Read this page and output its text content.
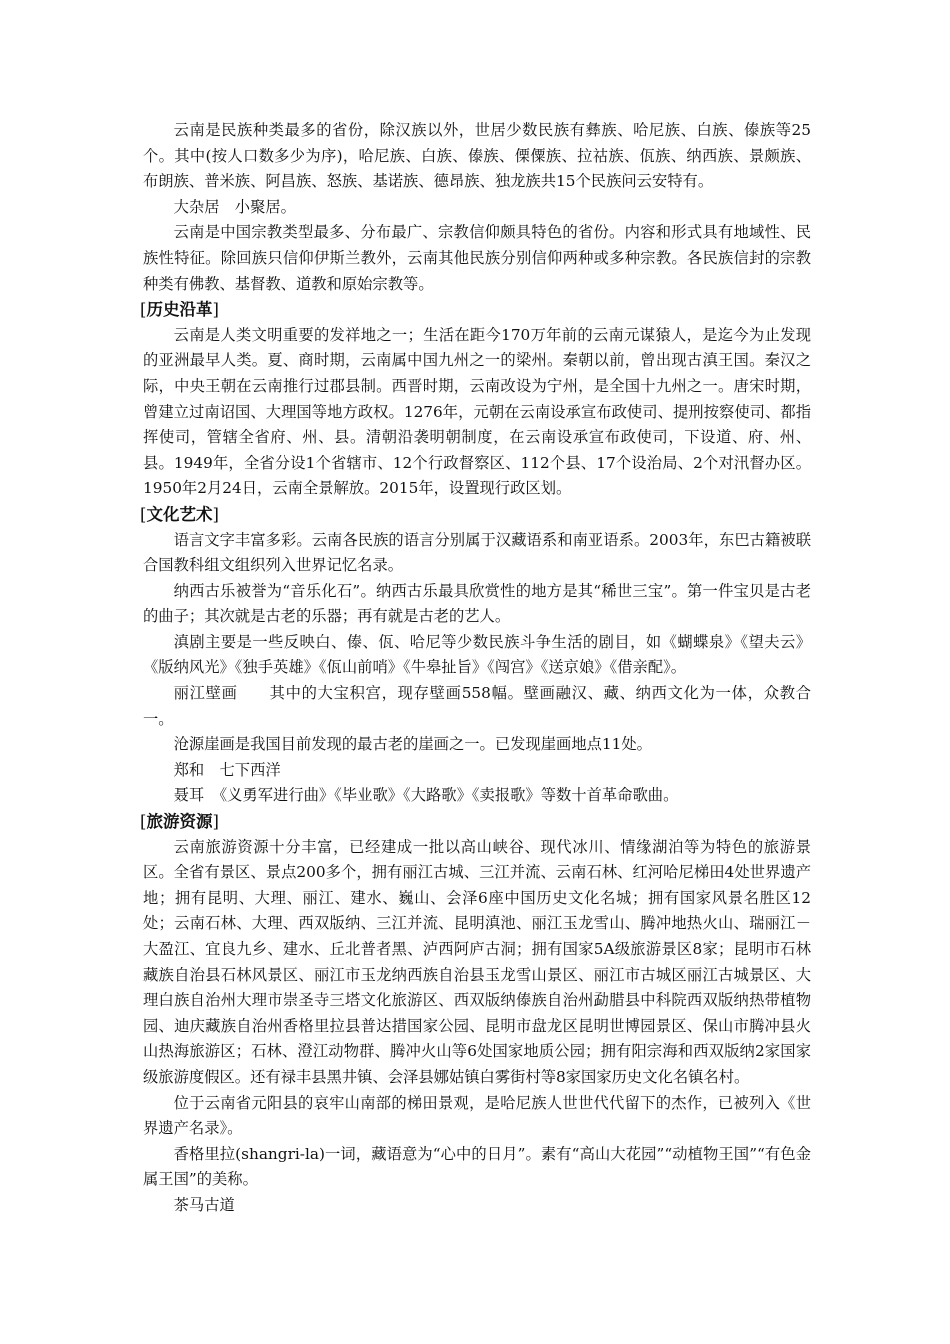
云南是民族种类最多的省份，除汉族以外，世居少数民族有彝族、哈尼族、白族、傣族等25个。其中(按人口数多少为序)，哈尼族、白族、傣族、傈僳族、拉祜族、佤族、纳西族、景颇族、布朗族、普米族、阿昌族、怒族、基诺族、德昂族、独龙族共15个民族问云安特有。

大杂居　小聚居。

云南是中国宗教类型最多、分布最广、宗教信仰颇具特色的省份。内容和形式具有地域性、民族性特征。除回族只信仰伊斯兰教外，云南其他民族分别信仰两种或多种宗教。各民族信封的宗教种类有佛教、基督教、道教和原始宗教等。

[历史沿革]

云南是人类文明重要的发祥地之一；生活在距今170万年前的云南元谋猿人，是迄今为止发现的亚洲最早人类。夏、商时期，云南属中国九州之一的梁州。秦朝以前，曾出现古滇王国。秦汉之际，中央王朝在云南推行过郡县制。西晋时期，云南改设为宁州，是全国十九州之一。唐宋时期，曾建立过南诏国、大理国等地方政权。1276年，元朝在云南设承宣布政使司、提刑按察使司、都指挥使司，管辖全省府、州、县。清朝沿袭明朝制度，在云南设承宣布政使司，下设道、府、州、县。1949年，全省分设1个省辖市、12个行政督察区、112个县、17个设治局、2个对汛督办区。1950年2月24日，云南全景解放。2015年，设置现行政区划。

[文化艺术]

语言文字丰富多彩。云南各民族的语言分别属于汉藏语系和南亚语系。2003年，东巴古籍被联合国教科组文组织列入世界记忆名录。

纳西古乐被誉为“音乐化石”。纳西古乐最具欣赏性的地方是其“稀世三宝”。第一件宝贝是古老的曲子；其次就是古老的乐器；再有就是古老的艺人。

滇剧主要是一些反映白、傣、佤、哈尼等少数民族斗争生活的剧目，如《蝴蝶泉》《望夫云》《版纳风光》《独手英雄》《佤山前哨》《牛皋扯旨》《闯宫》《送京娘》《借亲配》。

丽江壁画　　其中的大宝积宫，现存壁画558幅。壁画融汉、藏、纳西文化为一体，众教合一。

沧源崖画是我国目前发现的最古老的崖画之一。已发现崖画地点11处。

郑和　七下西洋

聂耳　《义勇军进行曲》《毕业歌》《大路歌》《卖报歌》等数十首革命歌曲。

[旅游资源]

云南旅游资源十分丰富，已经建成一批以高山峡谷、现代冰川、情缘湖泊等为特色的旅游景区。全省有景区、景点200多个，拥有丽江古城、三江并流、云南石林、红河哈尼梯田4处世界遗产地；拥有昆明、大理、丽江、建水、巍山、会泽6座中国历史文化名城；拥有国家风景名胜区12处；云南石林、大理、西双版纳、三江并流、昆明滇池、丽江玉龙雪山、腾冲地热火山、瑞丽江－大盈江、宜良九乡、建水、丘北普者黑、泸西阿庐古洞；拥有国家5A级旅游景区8家；昆明市石林藏族自治县石林风景区、丽江市玉龙纳西族自治县玉龙雪山景区、丽江市古城区丽江古城景区、大理白族自治州大理市崇圣寺三塔文化旅游区、西双版纳傣族自治州勐腊县中科院西双版纳热带植物园、迪庆藏族自治州香格里拉县普达措国家公园、昆明市盘龙区昆明世博园景区、保山市腾冲县火山热海旅游区；石林、澄江动物群、腾冲火山等6处国家地质公园；拥有阳宗海和西双版纳2家国家级旅游度假区。还有禄丰县黑井镇、会泽县娜姑镇白雾街村等8家国家历史文化名镇名村。

位于云南省元阳县的哀牢山南部的梯田景观，是哈尼族人世世代代留下的杰作，已被列入《世界遗产名录》。

香格里拉(shangri-la)一词，藏语意为“心中的日月”。素有“高山大花园”“动植物王国”“有色金属王国”的美称。

茶马古道
